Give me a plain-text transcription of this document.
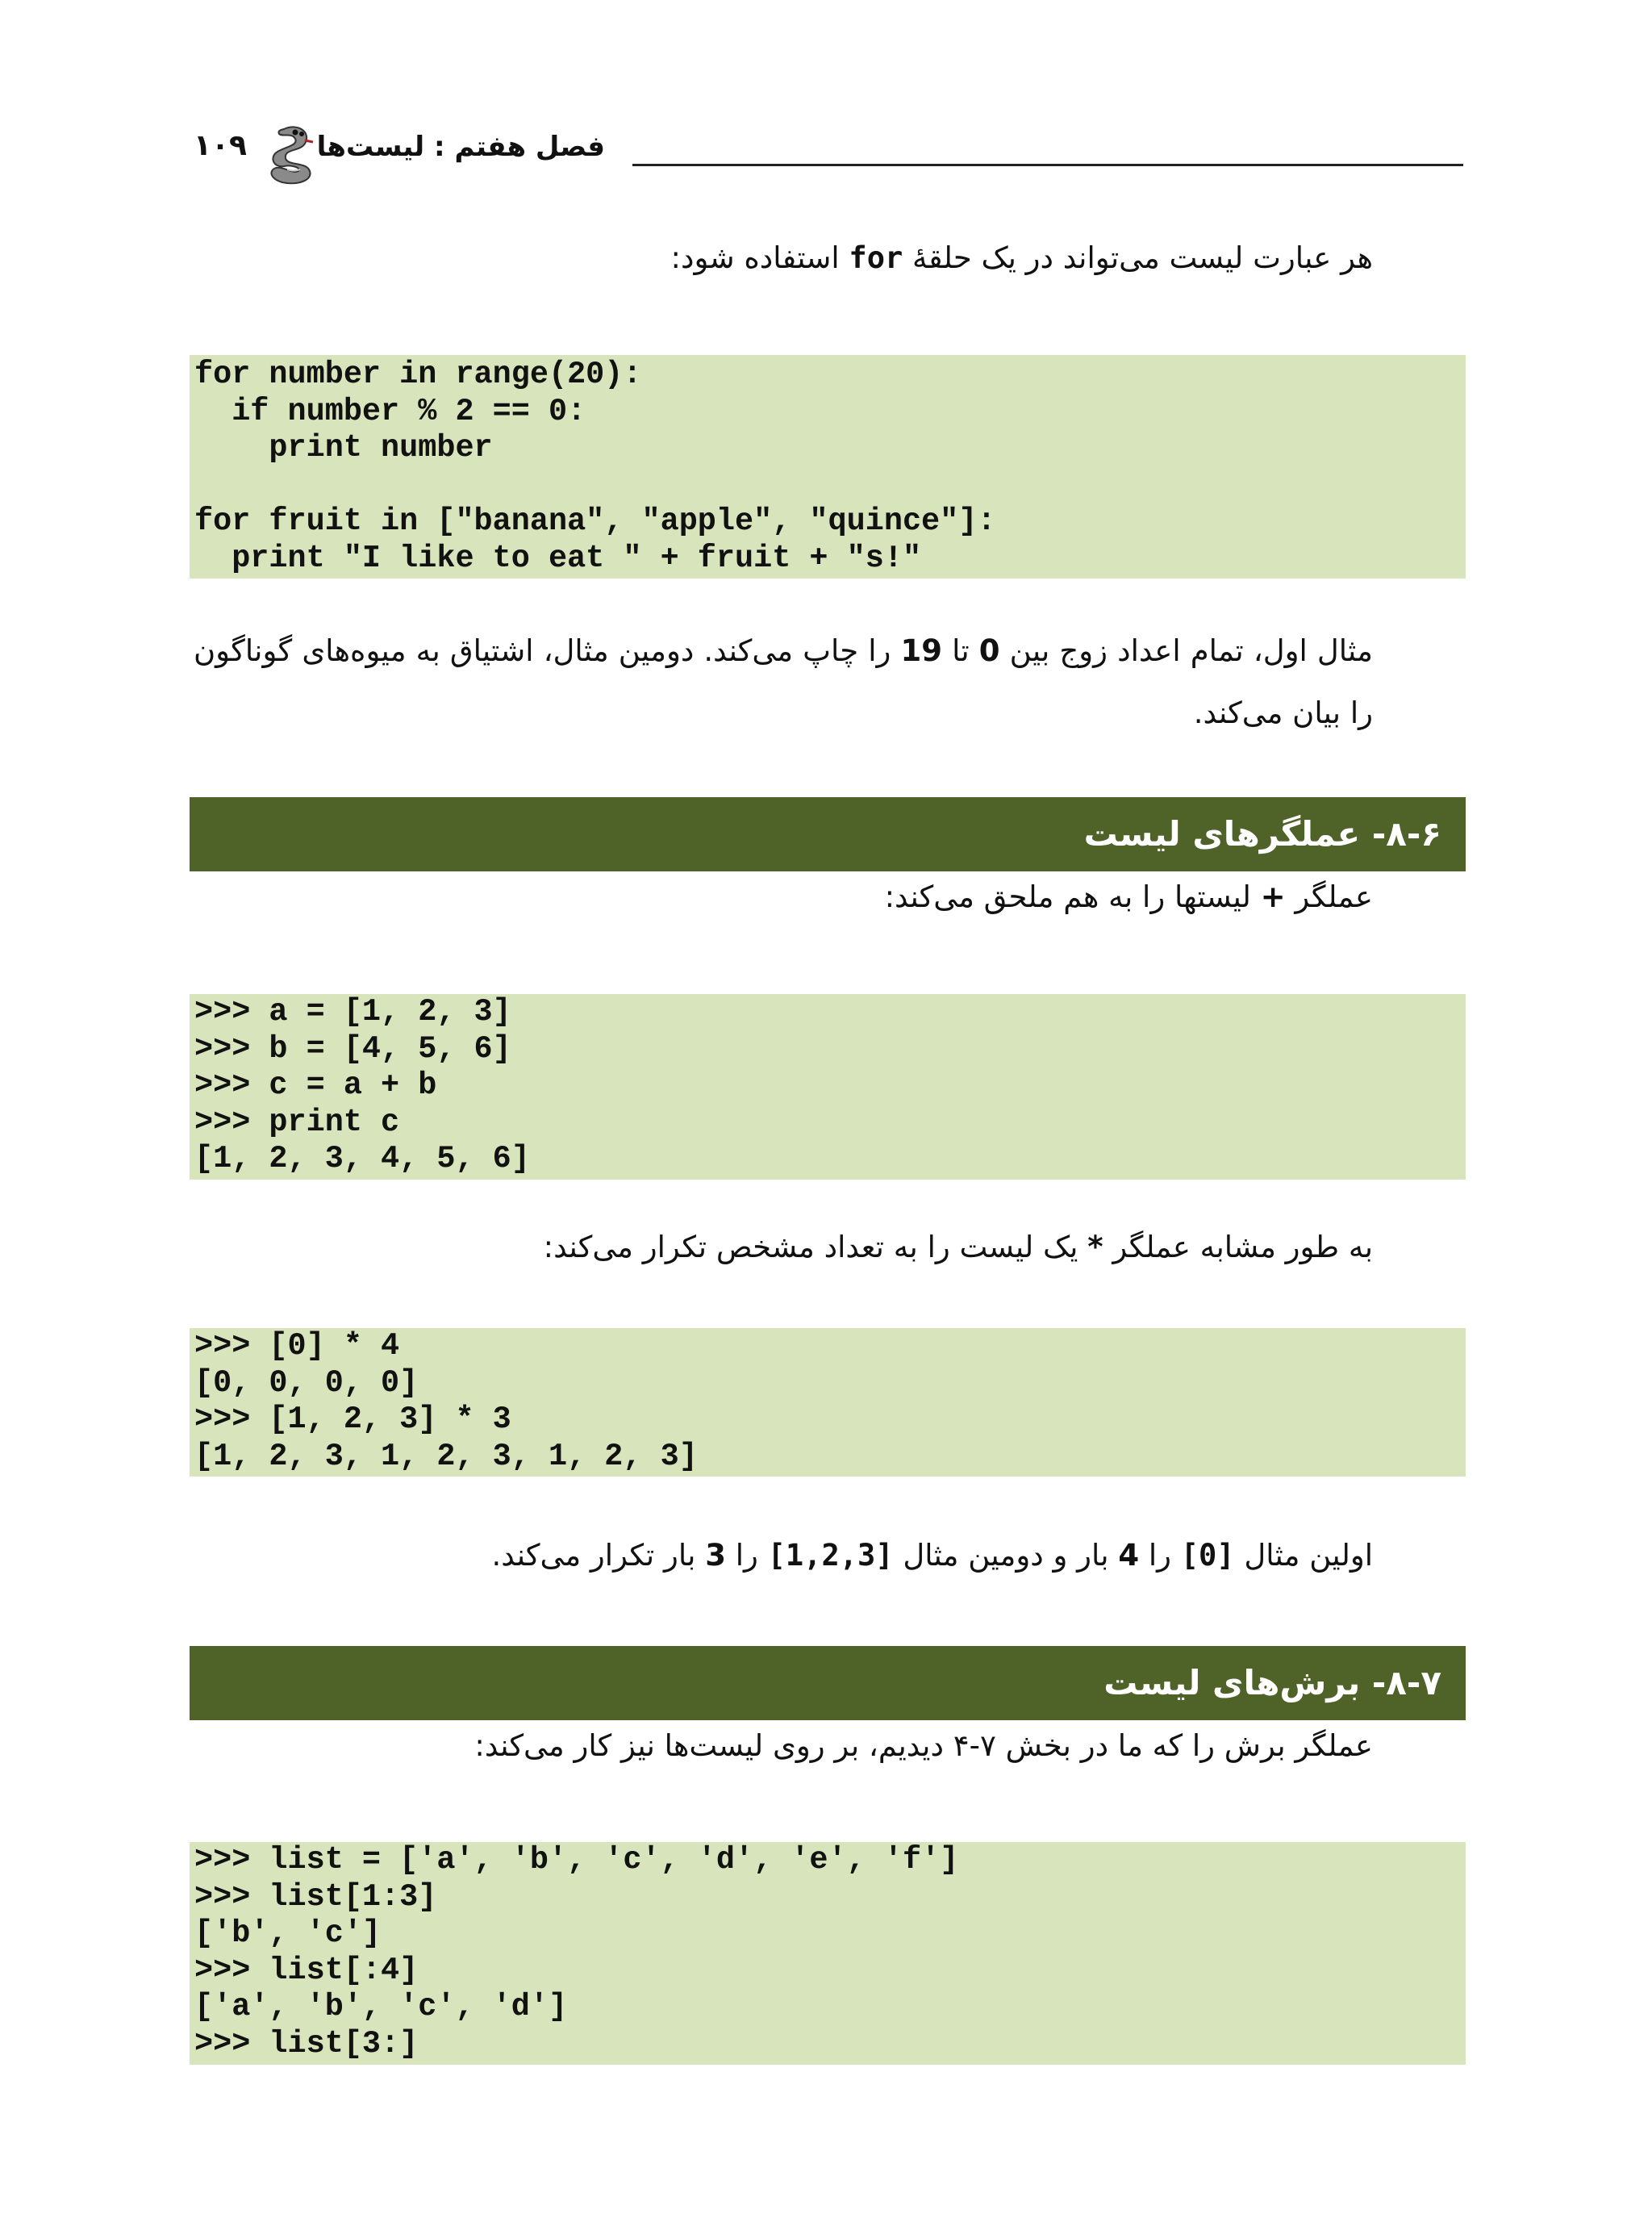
فصل هفتم : لیست‌ها
۱۰۹
هر عبارت لیست می‌تواند در یک حلقهٔ for استفاده شود:
for number in range(20):
if number % 2 == 0:
print number

for fruit in ["banana", "apple", "quince"]:
print "I like to eat " + fruit + "s!"
مثال اول، تمام اعداد زوج بین 0 تا 19 را چاپ می‌کند. دومین مثال، اشتیاق به میوه‌های گوناگون را بیان می‌کند.
۸-۶- عملگرهای لیست
عملگر + لیستها را به هم ملحق می‌کند:
>>> a = [1, 2, 3]
>>> b = [4, 5, 6]
>>> c = a + b
>>> print c
[1, 2, 3, 4, 5, 6]
به طور مشابه عملگر * یک لیست را به تعداد مشخص تکرار می‌کند:
>>> [0] * 4
[0, 0, 0, 0]
>>> [1, 2, 3] * 3
[1, 2, 3, 1, 2, 3, 1, 2, 3]
اولین مثال [0] را 4 بار و دومین مثال [1,2,3] را 3 بار تکرار می‌کند.
۸-۷- برش‌های لیست
عملگر برش را که ما در بخش ۷-۴ دیدیم، بر روی لیست‌ها نیز کار می‌کند:
>>> list = ['a', 'b', 'c', 'd', 'e', 'f']
>>> list[1:3]
['b', 'c']
>>> list[:4]
['a', 'b', 'c', 'd']
>>> list[3:]
